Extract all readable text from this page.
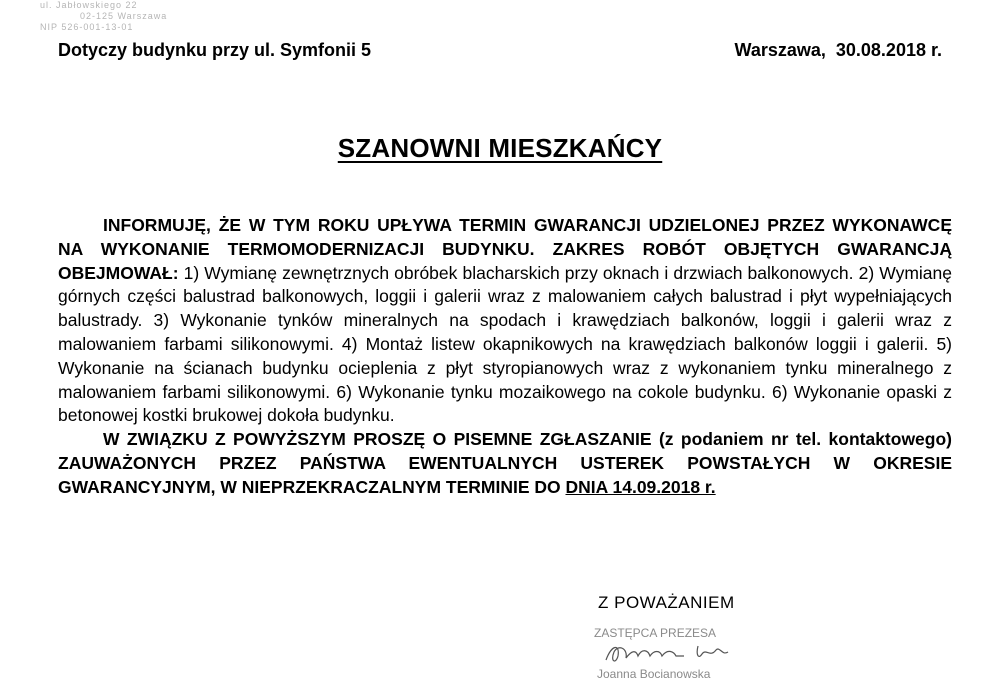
ul. Jabłowskiego 22
02-125 Warszawa
NIP 526-001-13-01
Dotyczy budynku przy ul. Symfonii 5	Warszawa,  30.08.2018 r.
SZANOWNI MIESZKAŃCY

INFORMUJĘ, ŻE W TYM ROKU UPŁYWA TERMIN GWARANCJI UDZIELONEJ PRZEZ WYKONAWCĘ NA WYKONANIE TERMOMODERNIZACJI BUDYNKU. ZAKRES ROBÓT OBJĘTYCH GWARANCJĄ OBEJMOWAŁ: 1) Wymianę zewnętrznych obróbek blacharskich przy oknach i drzwiach balkonowych. 2) Wymianę górnych części balustrad balkonowych, loggii i galerii wraz z malowaniem całych balustrad i płyt wypełniających balustrady. 3) Wykonanie tynków mineralnych na spodach i krawędziach balkonów, loggii i galerii wraz z malowaniem farbami silikonowymi. 4) Montaż listew okapnikowych na krawędziach balkonów loggii i galerii. 5) Wykonanie na ścianach budynku ocieplenia z płyt styropianowych wraz z wykonaniem tynku mineralnego z malowaniem farbami silikonowymi. 6) Wykonanie tynku mozaikowego na cokole budynku. 6) Wykonanie opaski z betonowej kostki brukowej dokoła budynku.

W ZWIĄZKU Z POWYŻSZYM PROSZĘ O PISEMNE ZGŁASZANIE (z podaniem nr tel. kontaktowego) ZAUWAŻONYCH PRZEZ PAŃSTWA EWENTUALNYCH USTEREK POWSTAŁYCH W OKRESIE GWARANCYJNYM, W NIEPRZEKRACZALNYM TERMINIE DO DNIA 14.09.2018 r.

Z POWAŻANIEM
ZASTĘPCA PREZESA
Joanna Bocianowska
